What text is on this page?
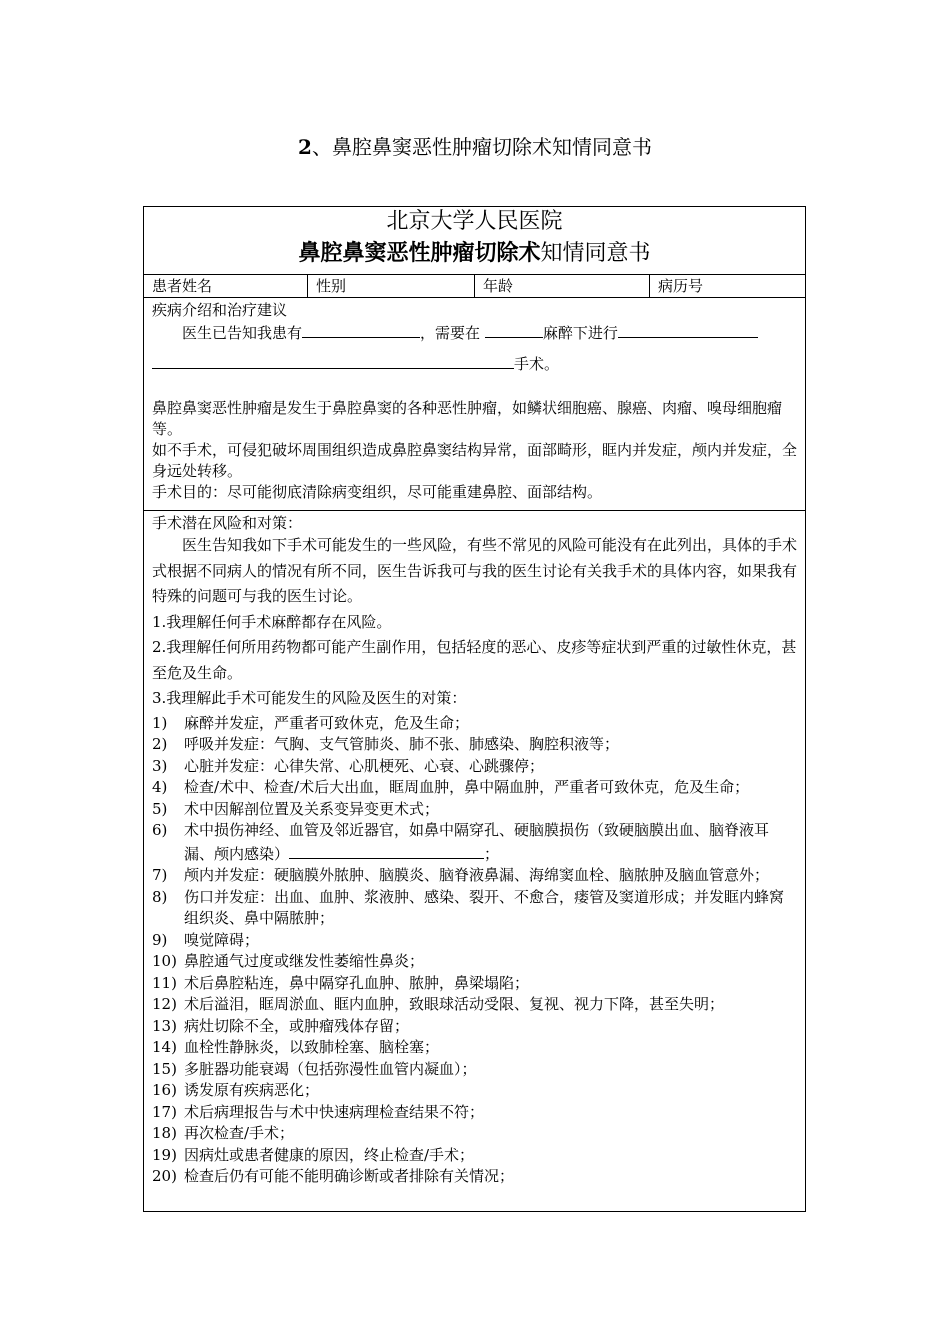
2、鼻腔鼻窦恶性肿瘤切除术知情同意书
北京大学人民医院
鼻腔鼻窦恶性肿瘤切除术知情同意书
患者姓名	性别	年龄	病历号

疾病介绍和治疗建议

医生已告知我患有	，需要在	麻醉下进行

手术。

鼻腔鼻窦恶性肿瘤是发生于鼻腔鼻窦的各种恶性肿瘤，如鳞状细胞癌、腺癌、肉瘤、嗅母细胞瘤等。

如不手术，可侵犯破坏周围组织造成鼻腔鼻窦结构异常，面部畸形，眶内并发症，颅内并发症，全身远处转移。

手术目的：尽可能彻底清除病变组织，尽可能重建鼻腔、面部结构。

手术潜在风险和对策：

医生告知我如下手术可能发生的一些风险，有些不常见的风险可能没有在此列出，具体的手术式根据不同病人的情况有所不同，医生告诉我可与我的医生讨论有关我手术的具体内容，如果我有特殊的问题可与我的医生讨论。

1.我理解任何手术麻醉都存在风险。

2.我理解任何所用药物都可能产生副作用，包括轻度的恶心、皮疹等症状到严重的过敏性休克，甚至危及生命。

3.我理解此手术可能发生的风险及医生的对策：

1)	麻醉并发症，严重者可致休克，危及生命；
2)	呼吸并发症：气胸、支气管肺炎、肺不张、肺感染、胸腔积液等；
3)	心脏并发症：心律失常、心肌梗死、心衰、心跳骤停；
4)	检查/术中、检查/术后大出血，眶周血肿，鼻中隔血肿，严重者可致休克，危及生命；
5)	术中因解剖位置及关系变异变更术式；
6)	术中损伤神经、血管及邻近器官，如鼻中隔穿孔、硬脑膜损伤（致硬脑膜出血、脑脊液耳漏、颅内感染）	；
7)	颅内并发症：硬脑膜外脓肿、脑膜炎、脑脊液鼻漏、海绵窦血栓、脑脓肿及脑血管意外；
8)	伤口并发症：出血、血肿、浆液肿、感染、裂开、不愈合，瘘管及窦道形成；并发眶内蜂窝组织炎、鼻中隔脓肿；
9)	嗅觉障碍；
10) 鼻腔通气过度或继发性萎缩性鼻炎；
11) 术后鼻腔粘连，鼻中隔穿孔血肿、脓肿，鼻梁塌陷；
12) 术后溢泪，眶周淤血、眶内血肿，致眼球活动受限、复视、视力下降，甚至失明；
13) 病灶切除不全，或肿瘤残体存留；
14) 血栓性静脉炎，以致肺栓塞、脑栓塞；
15) 多脏器功能衰竭（包括弥漫性血管内凝血）；
16) 诱发原有疾病恶化；
17) 术后病理报告与术中快速病理检查结果不符；
18) 再次检查/手术；
19) 因病灶或患者健康的原因，终止检查/手术；
20) 检查后仍有可能不能明确诊断或者排除有关情况；
